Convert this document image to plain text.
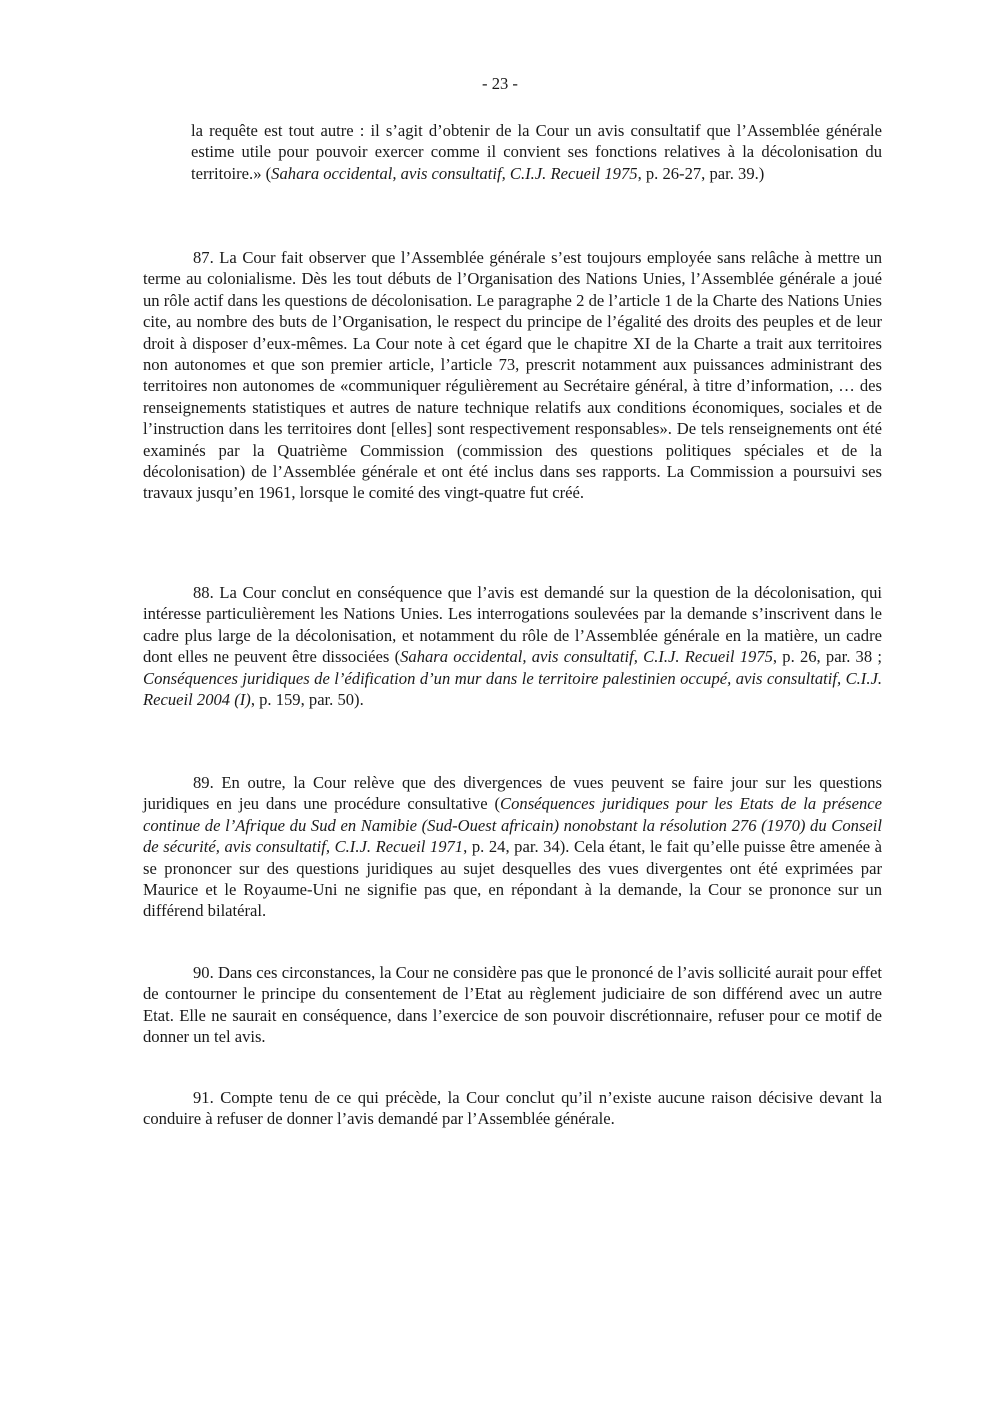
- 23 -

la requête est tout autre : il s’agit d’obtenir de la Cour un avis consultatif que l’Assemblée générale estime utile pour pouvoir exercer comme il convient ses fonctions relatives à la décolonisation du territoire.» (Sahara occidental, avis consultatif, C.I.J. Recueil 1975, p. 26-27, par. 39.)

87. La Cour fait observer que l’Assemblée générale s’est toujours employée sans relâche à mettre un terme au colonialisme. Dès les tout débuts de l’Organisation des Nations Unies, l’Assemblée générale a joué un rôle actif dans les questions de décolonisation. Le paragraphe 2 de l’article 1 de la Charte des Nations Unies cite, au nombre des buts de l’Organisation, le respect du principe de l’égalité des droits des peuples et de leur droit à disposer d’eux-mêmes. La Cour note à cet égard que le chapitre XI de la Charte a trait aux territoires non autonomes et que son premier article, l’article 73, prescrit notamment aux puissances administrant des territoires non autonomes de «communiquer régulièrement au Secrétaire général, à titre d’information, … des renseignements statistiques et autres de nature technique relatifs aux conditions économiques, sociales et de l’instruction dans les territoires dont [elles] sont respectivement responsables». De tels renseignements ont été examinés par la Quatrième Commission (commission des questions politiques spéciales et de la décolonisation) de l’Assemblée générale et ont été inclus dans ses rapports. La Commission a poursuivi ses travaux jusqu’en 1961, lorsque le comité des vingt-quatre fut créé.

88. La Cour conclut en conséquence que l’avis est demandé sur la question de la décolonisation, qui intéresse particulièrement les Nations Unies. Les interrogations soulevées par la demande s’inscrivent dans le cadre plus large de la décolonisation, et notamment du rôle de l’Assemblée générale en la matière, un cadre dont elles ne peuvent être dissociées (Sahara occidental, avis consultatif, C.I.J. Recueil 1975, p. 26, par. 38 ; Conséquences juridiques de l’édification d’un mur dans le territoire palestinien occupé, avis consultatif, C.I.J. Recueil 2004 (I), p. 159, par. 50).

89. En outre, la Cour relève que des divergences de vues peuvent se faire jour sur les questions juridiques en jeu dans une procédure consultative (Conséquences juridiques pour les Etats de la présence continue de l’Afrique du Sud en Namibie (Sud-Ouest africain) nonobstant la résolution 276 (1970) du Conseil de sécurité, avis consultatif, C.I.J. Recueil 1971, p. 24, par. 34). Cela étant, le fait qu’elle puisse être amenée à se prononcer sur des questions juridiques au sujet desquelles des vues divergentes ont été exprimées par Maurice et le Royaume-Uni ne signifie pas que, en répondant à la demande, la Cour se prononce sur un différend bilatéral.

90. Dans ces circonstances, la Cour ne considère pas que le prononcé de l’avis sollicité aurait pour effet de contourner le principe du consentement de l’Etat au règlement judiciaire de son différend avec un autre Etat. Elle ne saurait en conséquence, dans l’exercice de son pouvoir discrétionnaire, refuser pour ce motif de donner un tel avis.

91. Compte tenu de ce qui précède, la Cour conclut qu’il n’existe aucune raison décisive devant la conduire à refuser de donner l’avis demandé par l’Assemblée générale.
